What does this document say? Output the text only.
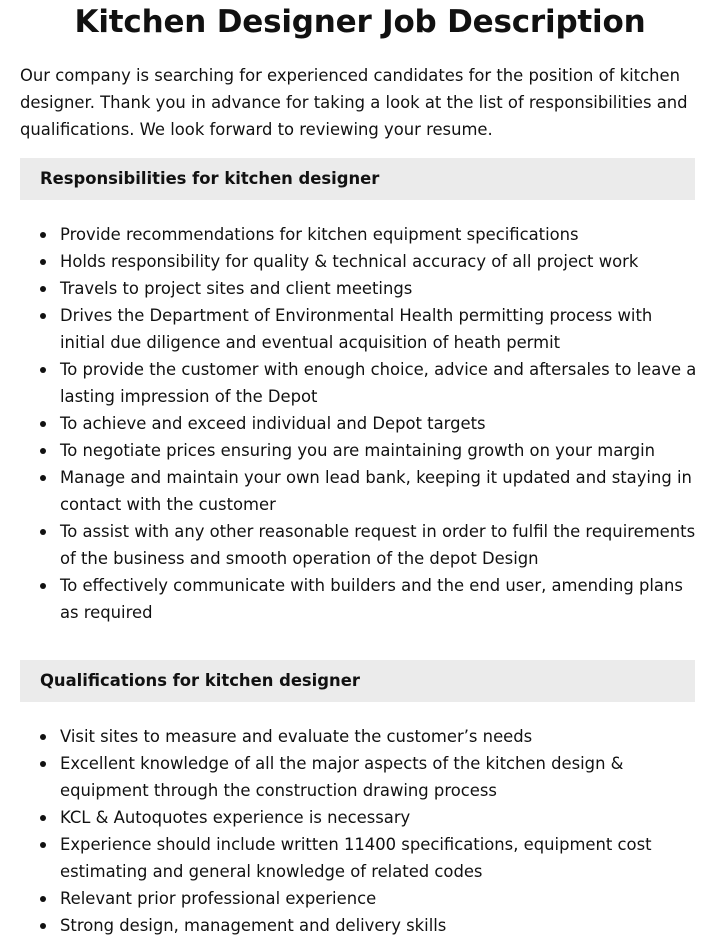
Kitchen Designer Job Description

Our company is searching for experienced candidates for the position of kitchen designer. Thank you in advance for taking a look at the list of responsibilities and qualifications. We look forward to reviewing your resume.

Responsibilities for kitchen designer
Provide recommendations for kitchen equipment specifications
Holds responsibility for quality & technical accuracy of all project work
Travels to project sites and client meetings
Drives the Department of Environmental Health permitting process with initial due diligence and eventual acquisition of heath permit
To provide the customer with enough choice, advice and aftersales to leave a lasting impression of the Depot
To achieve and exceed individual and Depot targets
To negotiate prices ensuring you are maintaining growth on your margin
Manage and maintain your own lead bank, keeping it updated and staying in contact with the customer
To assist with any other reasonable request in order to fulfil the requirements of the business and smooth operation of the depot Design
To effectively communicate with builders and the end user, amending plans as required
Qualifications for kitchen designer
Visit sites to measure and evaluate the customer’s needs
Excellent knowledge of all the major aspects of the kitchen design & equipment through the construction drawing process
KCL & Autoquotes experience is necessary
Experience should include written 11400 specifications, equipment cost estimating and general knowledge of related codes
Relevant prior professional experience
Strong design, management and delivery skills
